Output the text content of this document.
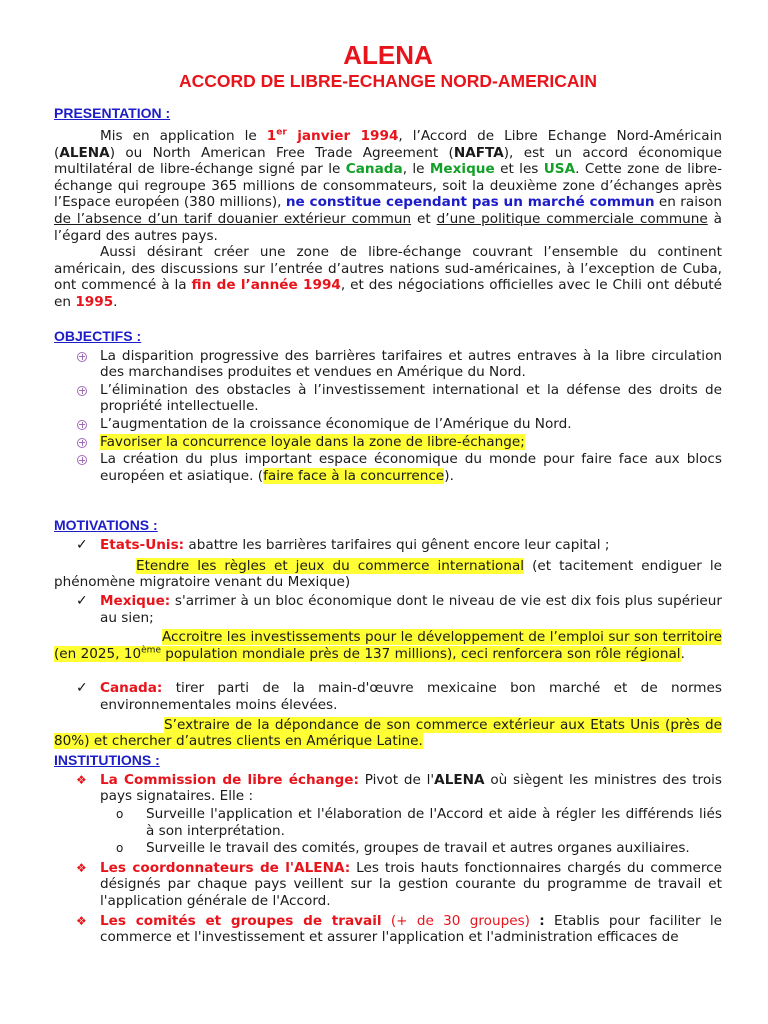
ALENA
ACCORD DE LIBRE-ECHANGE NORD-AMERICAIN
PRESENTATION :

Mis en application le 1er janvier 1994, l’Accord de Libre Echange Nord-Américain (ALENA) ou North American Free Trade Agreement (NAFTA), est un accord économique multilatéral de libre-échange signé par le Canada, le Mexique et les USA. Cette zone de libre-échange qui regroupe 365 millions de consommateurs, soit la deuxième zone d’échanges après l’Espace européen (380 millions), ne constitue cependant pas un marché commun en raison de l’absence d’un tarif douanier extérieur commun et d’une politique commerciale commune à l’égard des autres pays.

Aussi désirant créer une zone de libre-échange couvrant l’ensemble du continent américain, des discussions sur l’entrée d’autres nations sud-américaines, à l’exception de Cuba, ont commencé à la fin de l’année 1994, et des négociations officielles avec le Chili ont débuté en 1995.

OBJECTIFS :

La disparition progressive des barrières tarifaires et autres entraves à la libre circulation des marchandises produites et vendues en Amérique du Nord.

L’élimination des obstacles à l’investissement international et la défense des droits de propriété intellectuelle.

L’augmentation de la croissance économique de l’Amérique du Nord.

Favoriser la concurrence loyale dans la zone de libre-échange;

La création du plus important espace économique du monde pour faire face aux blocs européen et asiatique. (faire face à la concurrence).

MOTIVATIONS :
✓ Etats-Unis: abattre les barrières tarifaires qui gênent encore leur capital ;

Etendre les règles et jeux du commerce international (et tacitement endiguer le phénomène migratoire venant du Mexique)

✓ Mexique: s'arrimer à un bloc économique dont le niveau de vie est dix fois plus supérieur au sien;

Accroitre les investissements pour le développement de l’emploi sur son territoire (en 2025, 10ème population mondiale près de 137 millions), ceci renforcera son rôle régional.

✓ Canada: tirer parti de la main-d'œuvre mexicaine bon marché et de normes environnementales moins élevées.

S’extraire de la dépondance de son commerce extérieur aux Etats Unis (près de 80%) et chercher d’autres clients en Amérique Latine.

INSTITUTIONS :
❖ La Commission de libre échange: Pivot de l'ALENA où siègent les ministres des trois pays signataires. Elle :

o	Surveille l'application et l'élaboration de l'Accord et aide à régler les différends liés à son interprétation.

o	Surveille le travail des comités, groupes de travail et autres organes auxiliaires.

❖ Les coordonnateurs de l'ALENA: Les trois hauts fonctionnaires chargés du commerce désignés par chaque pays veillent sur la gestion courante du programme de travail et l'application générale de l'Accord.

❖ Les comités et groupes de travail (+ de 30 groupes) : Etablis pour faciliter le commerce et l'investissement et assurer l'application et l'administration efficaces de
